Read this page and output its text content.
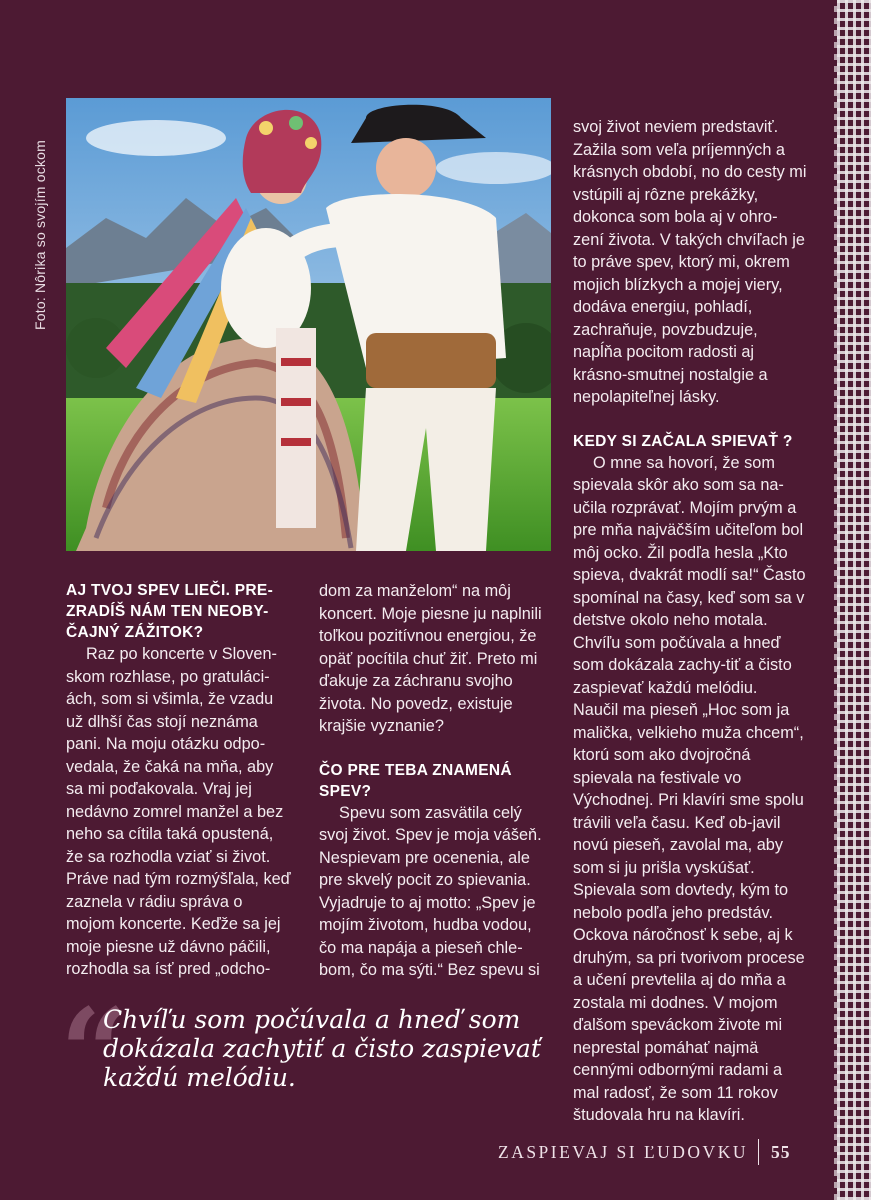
Foto: Nôrika so svojím ockom
AJ TVOJ SPEV LIEČI. PRE-ZRADÍŠ NÁM TEN NEOBY-ČAJNÝ ZÁŽITOK?

Raz po koncerte v Sloven-skom rozhlase, po gratuláci-ách, som si všimla, že vzadu už dlhší čas stojí neznáma pani. Na moju otázku odpo-vedala, že čaká na mňa, aby sa mi poďakovala. Vraj jej nedávno zomrel manžel a bez neho sa cítila taká opustená, že sa rozhodla vziať si život. Práve nad tým rozmýšľala, keď zaznela v rádiu správa o mojom koncerte. Keďže sa jej moje piesne už dávno páčili, rozhodla sa ísť pred „odcho-

dom za manželom“ na môj koncert. Moje piesne ju naplnili toľkou pozitívnou energiou, že opäť pocítila chuť žiť. Preto mi ďakuje za záchranu svojho života. No povedz, existuje krajšie vyznanie?

ČO PRE TEBA ZNAMENÁ SPEV?

Spevu som zasvätila celý svoj život. Spev je moja vášeň. Nespievam pre ocenenia, ale pre skvelý pocit zo spievania. Vyjadruje to aj motto: „Spev je mojím životom, hudba vodou, čo ma napája a pieseň chle-bom, čo ma sýti.“ Bez spevu si

svoj život neviem predstaviť. Zažila som veľa príjemných a krásnych období, no do cesty mi vstúpili aj rôzne prekážky, dokonca som bola aj v ohro-zení života. V takých chvíľach je to práve spev, ktorý mi, okrem mojich blízkych a mojej viery, dodáva energiu, pohladí, zachraňuje, povzbudzuje, napĺňa pocitom radosti aj krásno-smutnej nostalgie a nepolapiteľnej lásky.

KEDY SI ZAČALA SPIEVAŤ ?

O mne sa hovorí, že som spievala skôr ako som sa na-učila rozprávať. Mojím prvým a pre mňa najväčším učiteľom bol môj ocko. Žil podľa hesla „Kto spieva, dvakrát modlí sa!“ Často spomínal na časy, keď som sa v detstve okolo neho motala. Chvíľu som počúvala a hneď som dokázala zachy-tiť a čisto zaspievať každú melódiu. Naučil ma pieseň „Hoc som ja malička, velkieho muža chcem“, ktorú som ako dvojročná spievala na festivale vo Východnej. Pri klavíri sme spolu trávili veľa času. Keď ob-javil novú pieseň, zavolal ma, aby som si ju prišla vyskúšať. Spievala som dovtedy, kým to nebolo podľa jeho predstáv. Ockova náročnosť k sebe, aj k druhým, sa pri tvorivom procese a učení prevtelila aj do mňa a zostala mi dodnes. V mojom ďalšom speváckom živote mi neprestal pomáhať najmä cennými odbornými radami a mal radosť, že som 11 rokov študovala hru na klavíri.

“
Chvíľu som počúvala a hneď som dokázala zachytiť a čisto zaspievať každú melódiu.
ZASPIEVAJ SI ĽUDOVKU 55
